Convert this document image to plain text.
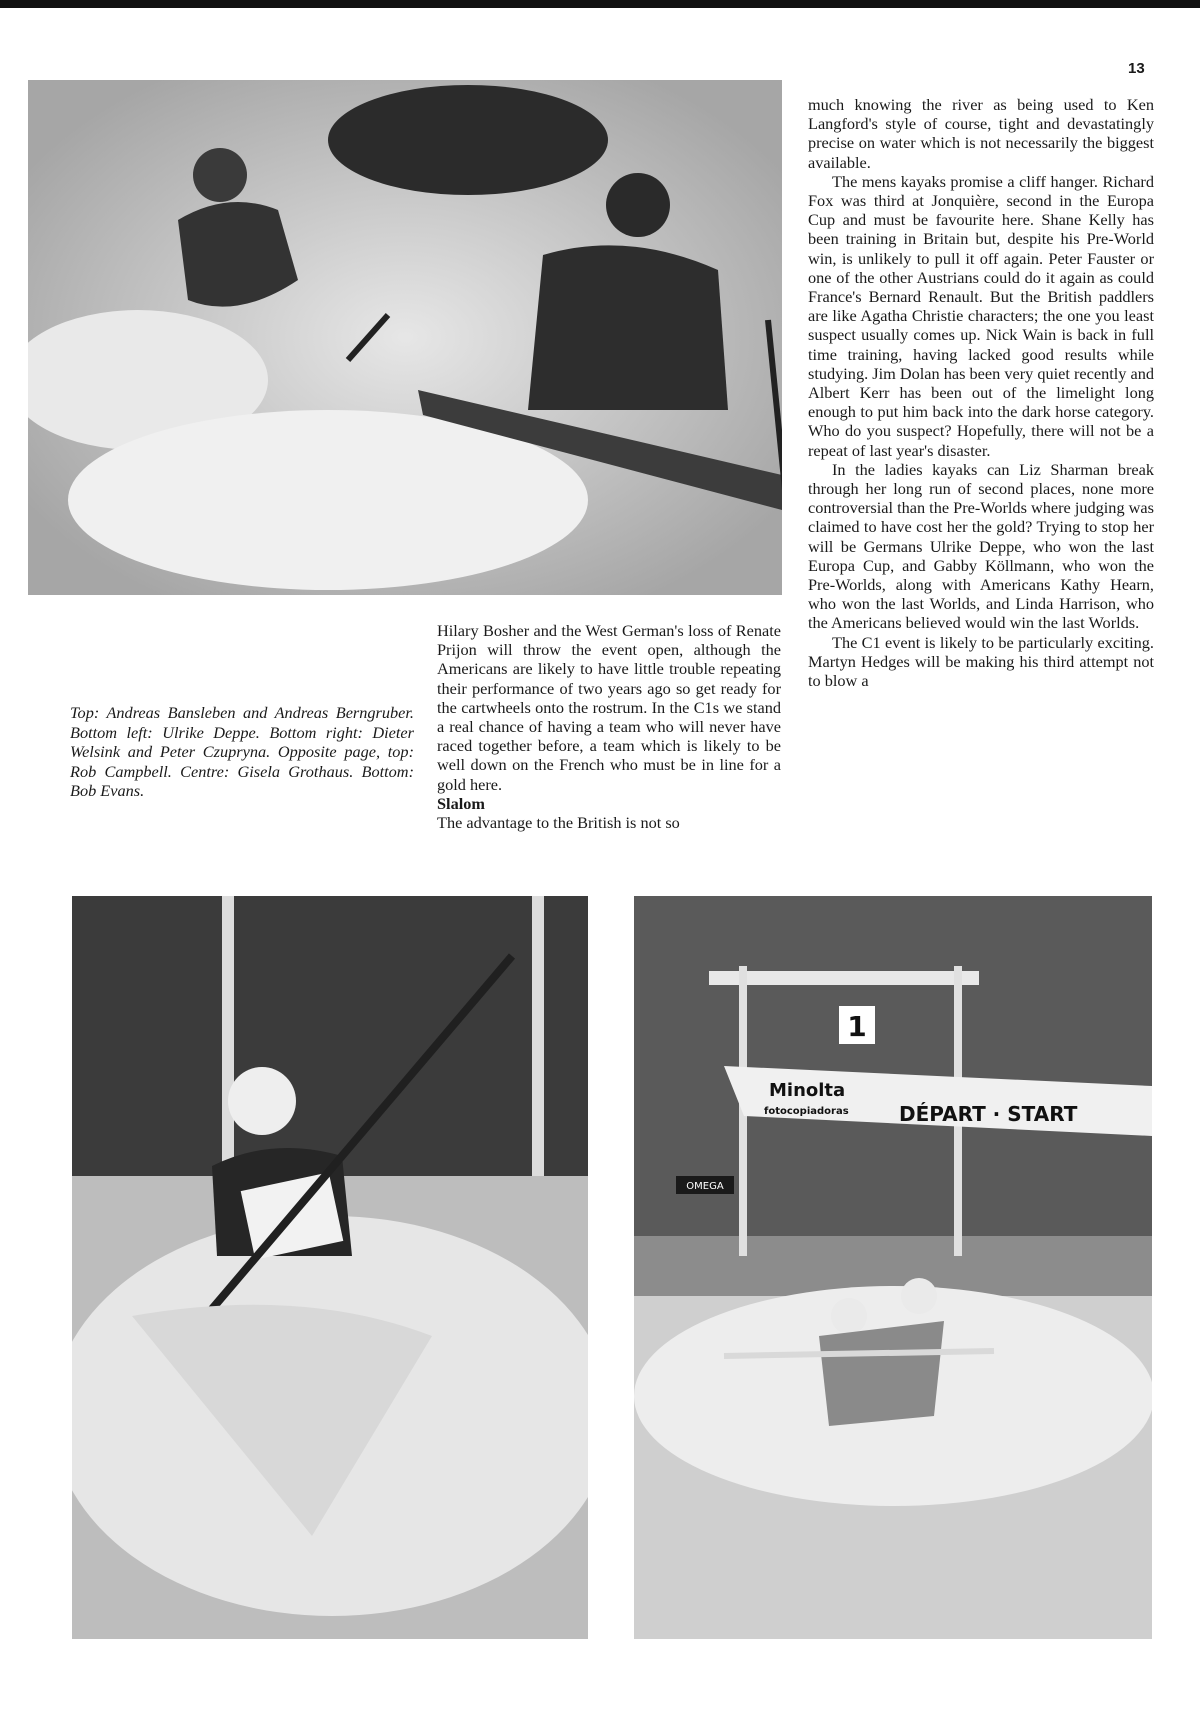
13
Top: Andreas Bansleben and Andreas Berngruber. Bottom left: Ulrike Deppe. Bottom right: Dieter Welsink and Peter Czupryna. Opposite page, top: Rob Campbell. Centre: Gisela Grothaus. Bottom: Bob Evans.

Hilary Bosher and the West German's loss of Renate Prijon will throw the event open, although the Americans are likely to have little trouble repeating their performance of two years ago so get ready for the cartwheels onto the rostrum. In the C1s we stand a real chance of having a team who will never have raced together before, a team which is likely to be well down on the French who must be in line for a gold here.

Slalom

The advantage to the British is not so

much knowing the river as being used to Ken Langford's style of course, tight and devastatingly precise on water which is not necessarily the biggest available.

The mens kayaks promise a cliff hanger. Richard Fox was third at Jonquière, second in the Europa Cup and must be favourite here. Shane Kelly has been training in Britain but, despite his Pre-World win, is unlikely to pull it off again. Peter Fauster or one of the other Austrians could do it again as could France's Bernard Renault. But the British paddlers are like Agatha Christie characters; the one you least suspect usually comes up. Nick Wain is back in full time training, having lacked good results while studying. Jim Dolan has been very quiet recently and Albert Kerr has been out of the limelight long enough to put him back into the dark horse category. Who do you suspect? Hopefully, there will not be a repeat of last year's disaster.

In the ladies kayaks can Liz Sharman break through her long run of second places, none more controversial than the Pre-Worlds where judging was claimed to have cost her the gold? Trying to stop her will be Germans Ulrike Deppe, who won the last Europa Cup, and Gabby Köllmann, who won the Pre-Worlds, along with Americans Kathy Hearn, who won the last Worlds, and Linda Harrison, who the Americans believed would win the last Worlds.

The C1 event is likely to be particularly exciting. Martyn Hedges will be making his third attempt not to blow a

1
Minolta
fotocopiadoras	DÉPART · START
OMEGA
